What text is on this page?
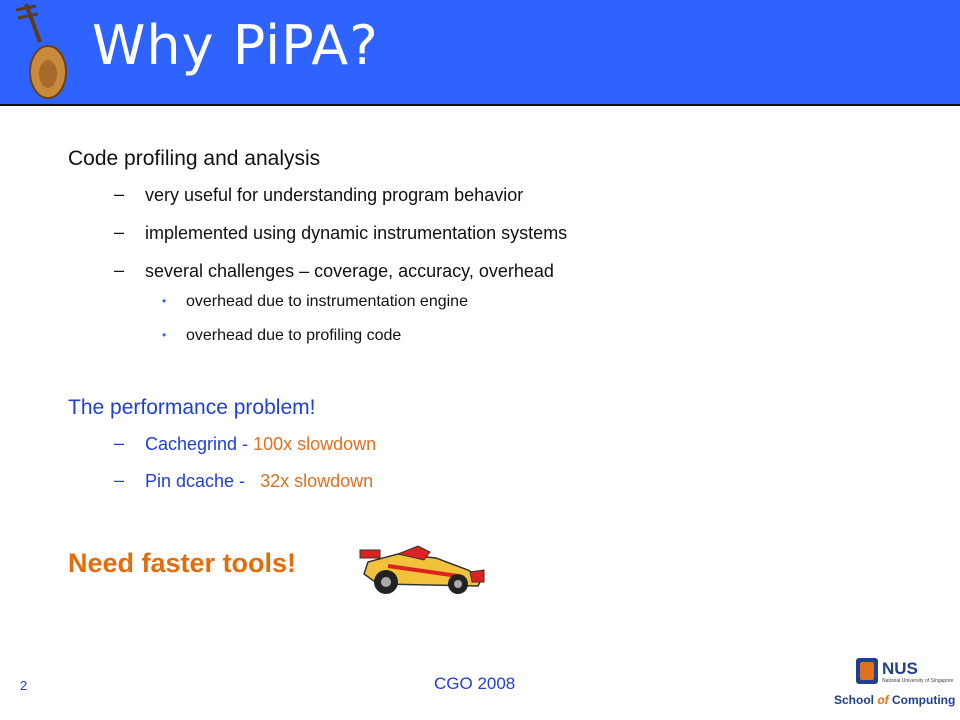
Why PiPA?
Code profiling and analysis
– very useful for understanding program behavior
– implemented using dynamic instrumentation systems
– several challenges – coverage, accuracy, overhead
• overhead due to instrumentation engine
• overhead due to profiling code
The performance problem!
– Cachegrind - 100x slowdown
– Pin dcache -   32x slowdown
Need faster tools!
2	CGO 2008
NUS
National University of Singapore
School of Computing
